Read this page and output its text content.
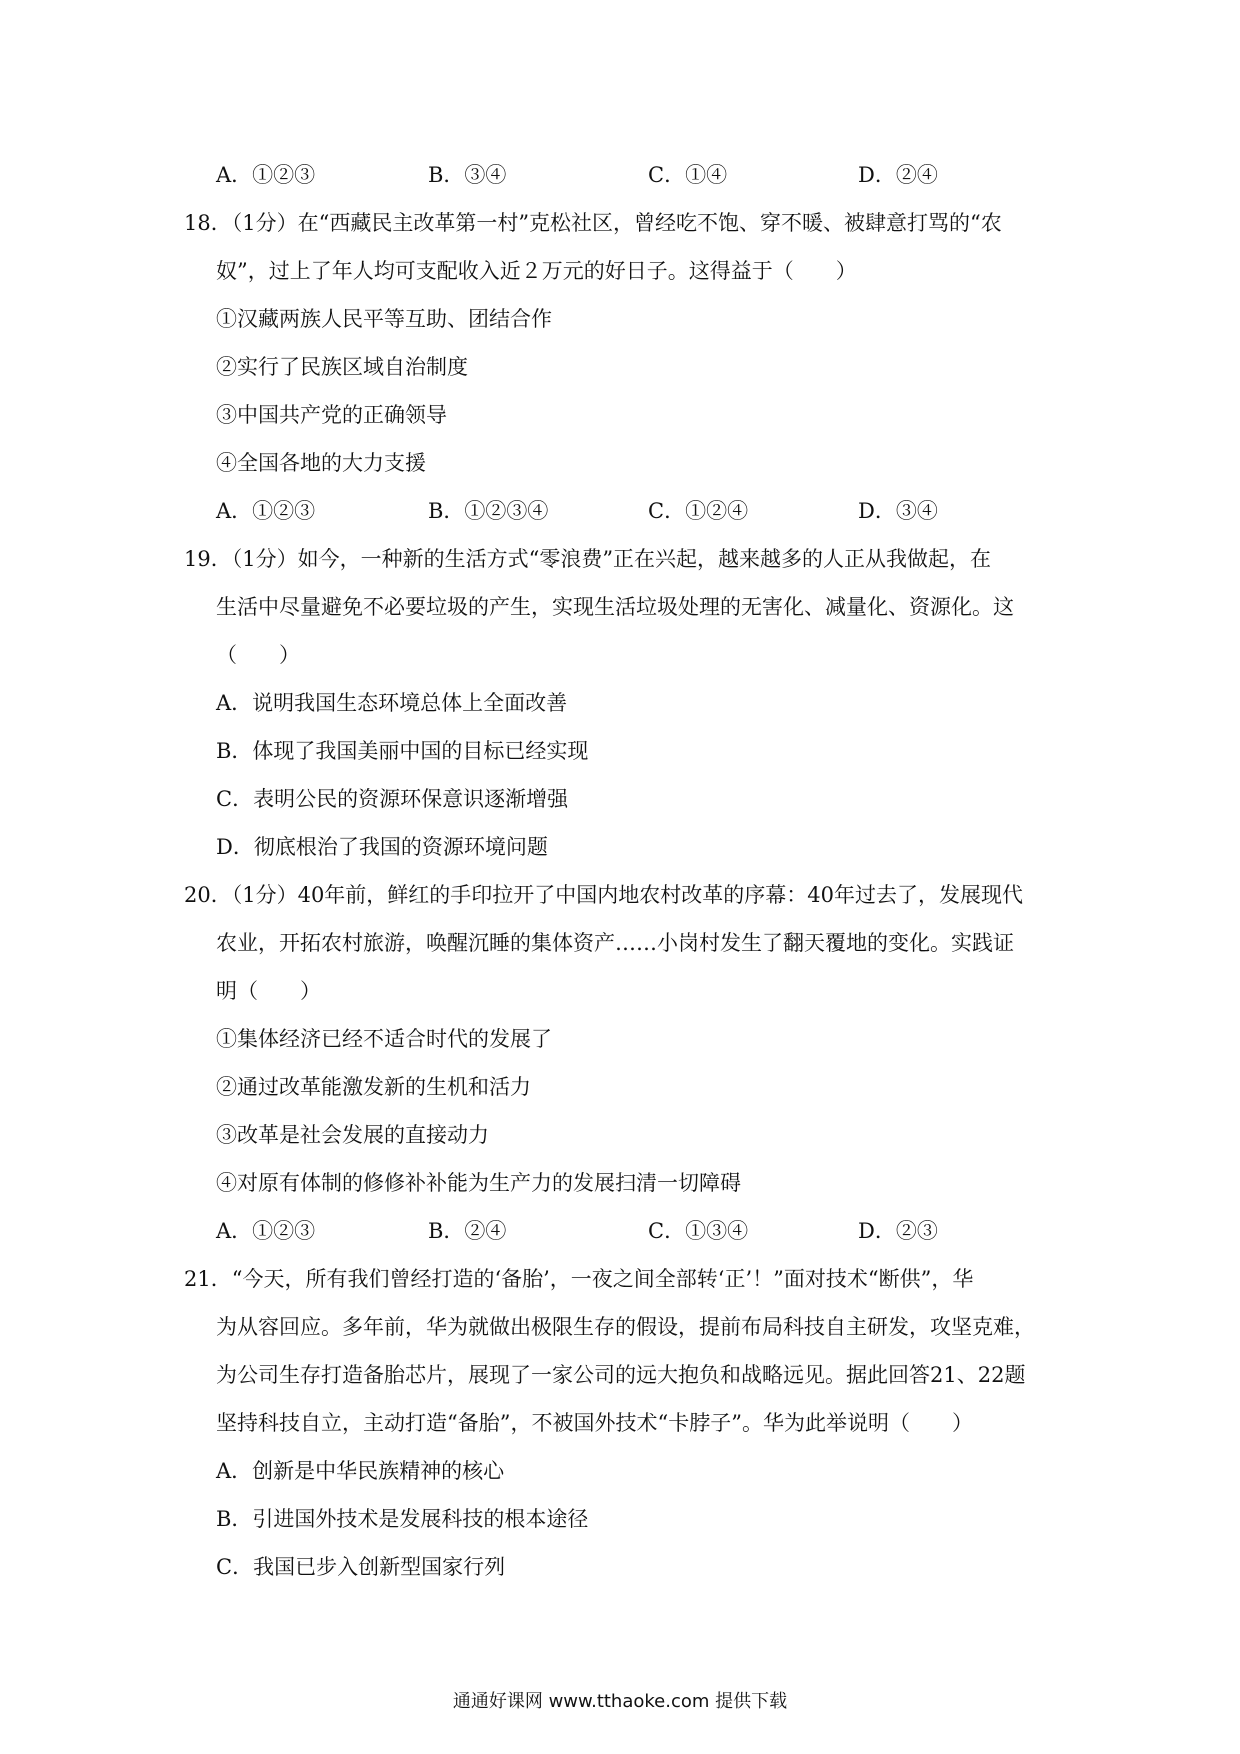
A．①②③	B．③④	C．①④	D．②④
18．（1分）在“西藏民主改革第一村”克松社区，曾经吃不饱、穿不暖、被肆意打骂的“农
奴”，过上了年人均可支配收入近２万元的好日子。这得益于（　　）
①汉藏两族人民平等互助、团结合作
②实行了民族区域自治制度
③中国共产党的正确领导
④全国各地的大力支援
A．①②③	B．①②③④	C．①②④	D．③④
19．（1分）如今，一种新的生活方式“零浪费”正在兴起，越来越多的人正从我做起，在
生活中尽量避免不必要垃圾的产生，实现生活垃圾处理的无害化、减量化、资源化。这
（　　）
A．说明我国生态环境总体上全面改善
B．体现了我国美丽中国的目标已经实现
C．表明公民的资源环保意识逐渐增强
D．彻底根治了我国的资源环境问题
20．（1分）40年前，鲜红的手印拉开了中国内地农村改革的序幕：40年过去了，发展现代
农业，开拓农村旅游，唤醒沉睡的集体资产……小岗村发生了翻天覆地的变化。实践证
明（　　）
①集体经济已经不适合时代的发展了
②通过改革能激发新的生机和活力
③改革是社会发展的直接动力
④对原有体制的修修补补能为生产力的发展扫清一切障碍
A．①②③	B．②④	C．①③④	D．②③
21．“今天，所有我们曾经打造的‘备胎’，一夜之间全部转‘正’！”面对技术“断供”，华
为从容回应。多年前，华为就做出极限生存的假设，提前布局科技自主研发，攻坚克难，
为公司生存打造备胎芯片，展现了一家公司的远大抱负和战略远见。据此回答21、22题
坚持科技自立，主动打造“备胎”，不被国外技术“卡脖子”。华为此举说明（　　）
A．创新是中华民族精神的核心
B．引进国外技术是发展科技的根本途径
C．我国已步入创新型国家行列
通通好课网 www.tthaoke.com 提供下载
